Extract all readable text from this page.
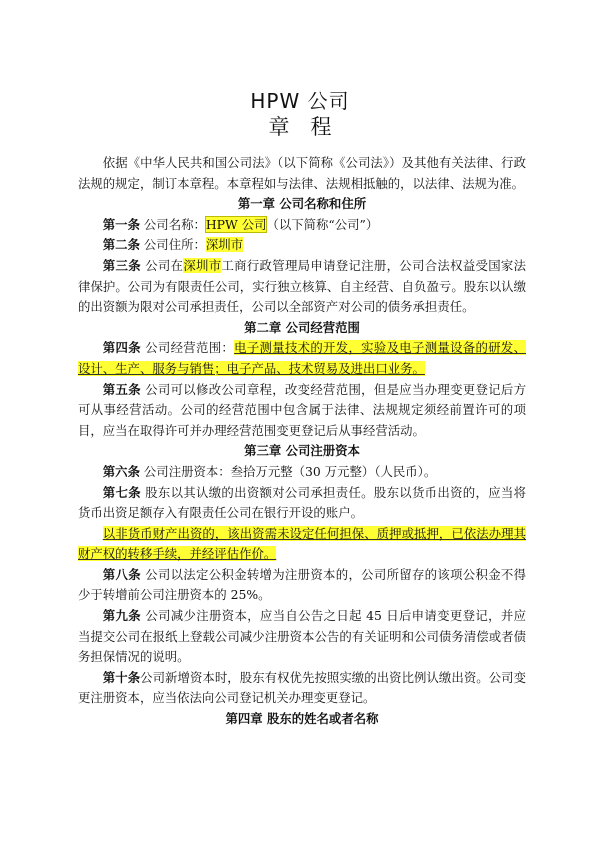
HPW 公司
章　程

依据《中华人民共和国公司法》（以下简称《公司法》）及其他有关法律、行政法规的规定，制订本章程。本章程如与法律、法规相抵触的，以法律、法规为准。

第一章 公司名称和住所

第一条 公司名称：HPW 公司（以下简称“公司”）

第二条 公司住所：深圳市

第三条 公司在深圳市工商行政管理局申请登记注册，公司合法权益受国家法律保护。公司为有限责任公司，实行独立核算、自主经营、自负盈亏。股东以认缴的出资额为限对公司承担责任，公司以全部资产对公司的债务承担责任。

第二章 公司经营范围

第四条 公司经营范围：电子测量技术的开发，实验及电子测量设备的研发、设计、生产、服务与销售；电子产品、技术贸易及进出口业务。

第五条 公司可以修改公司章程，改变经营范围，但是应当办理变更登记后方可从事经营活动。公司的经营范围中包含属于法律、法规规定须经前置许可的项目，应当在取得许可并办理经营范围变更登记后从事经营活动。

第三章 公司注册资本

第六条 公司注册资本：叁拾万元整（30 万元整）（人民币）。

第七条 股东以其认缴的出资额对公司承担责任。股东以货币出资的，应当将货币出资足额存入有限责任公司在银行开设的账户。

以非货币财产出资的，该出资需未设定任何担保、质押或抵押，已依法办理其财产权的转移手续，并经评估作价。

第八条 公司以法定公积金转增为注册资本的，公司所留存的该项公积金不得少于转增前公司注册资本的 25%。

第九条 公司减少注册资本，应当自公告之日起 45 日后申请变更登记，并应当提交公司在报纸上登载公司减少注册资本公告的有关证明和公司债务清偿或者债务担保情况的说明。

第十条公司新增资本时，股东有权优先按照实缴的出资比例认缴出资。公司变更注册资本，应当依法向公司登记机关办理变更登记。

第四章 股东的姓名或者名称
